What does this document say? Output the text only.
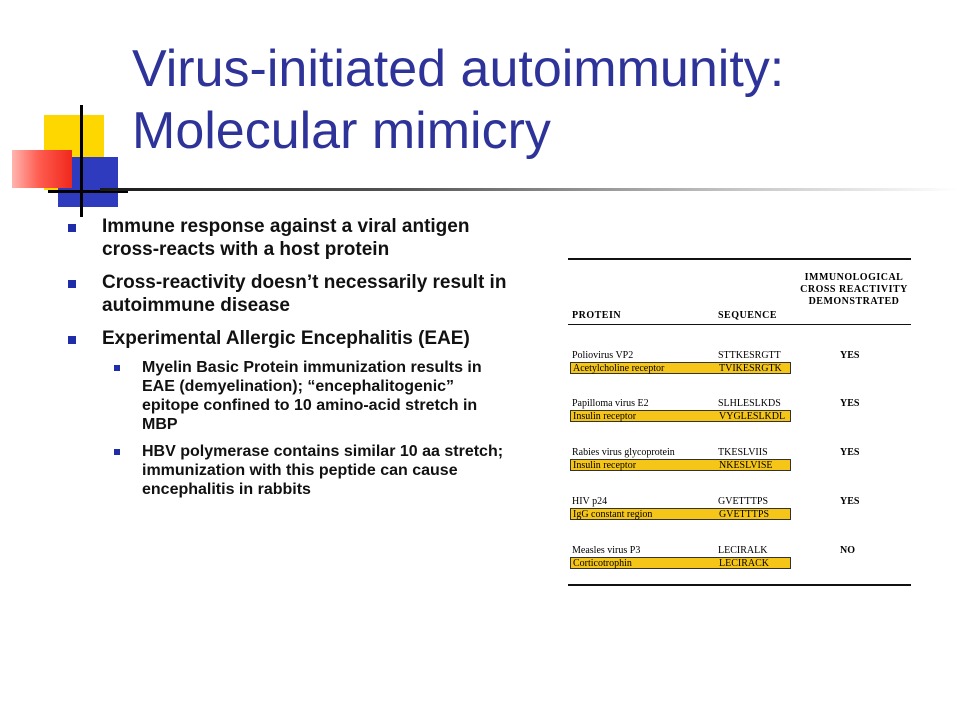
Virus-initiated autoimmunity:
Molecular mimicry
Immune response against a viral antigen cross-reacts with a host protein
Cross-reactivity doesn’t necessarily result in autoimmune disease
Experimental Allergic Encephalitis (EAE)
Myelin Basic Protein immunization results in EAE (demyelination); “encephalitogenic” epitope confined to 10 amino-acid stretch in MBP
HBV polymerase contains similar 10 aa stretch; immunization with this peptide can cause encephalitis in rabbits
PROTEIN	SEQUENCE
IMMUNOLOGICAL CROSS REACTIVITY DEMONSTRATED
Poliovirus VP2	STTKESRGTT	YES
Acetylcholine receptor	TVIKESRGTK
Papilloma virus E2	SLHLESLKDS	YES
Insulin receptor	VYGLESLKDL
Rabies virus glycoprotein	TKESLVIIS	YES
Insulin receptor	NKESLVISE
HIV p24	GVETTTPS	YES
IgG constant region	GVETTTPS
Measles virus P3	LECIRALK	NO
Corticotrophin	LECIRACK
